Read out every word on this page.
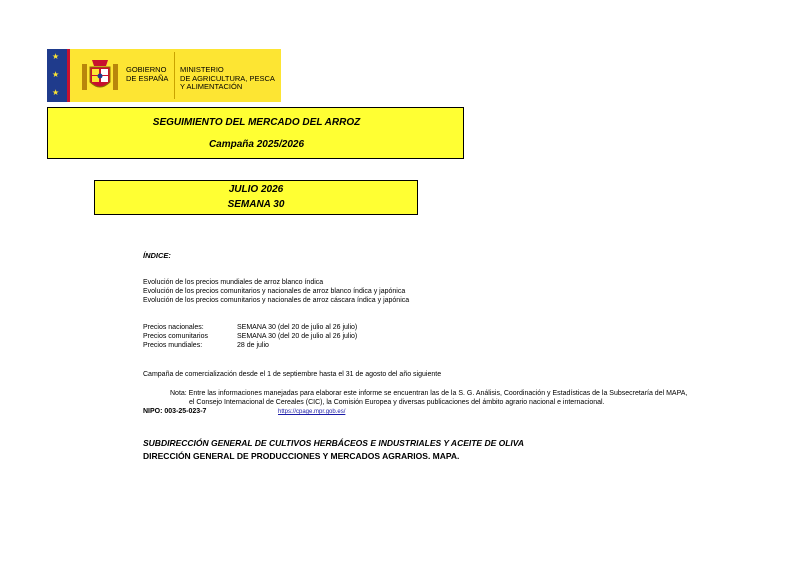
★
★
★
GOBIERNO
DE ESPAÑA
MINISTERIO
DE AGRICULTURA, PESCA
Y ALIMENTACIÓN
SEGUIMIENTO DEL MERCADO DEL ARROZ
Campaña 2025/2026
JULIO 2026
SEMANA 30
ÍNDICE:
Evolución de los precios mundiales de arroz blanco índica
Evolución de los precios comunitarios y nacionales de arroz blanco índica y japónica
Evolución de los precios comunitarios y nacionales de arroz cáscara índica y japónica
Precios nacionales:	SEMANA 30 (del 20 de julio al 26 julio)
Precios comunitarios	SEMANA 30 (del 20 de julio al 26 julio)
Precios mundiales:	28 de julio
Campaña de comercialización desde el 1 de septiembre hasta el 31 de agosto del año siguiente
Nota: Entre las informaciones manejadas para elaborar este informe se encuentran las de la S. G. Análisis, Coordinación y Estadísticas de la Subsecretaría del MAPA,
el Consejo Internacional de Cereales (CIC), la Comisión Europea y diversas publicaciones del ámbito agrario nacional e internacional.
NIPO: 003-25-023-7	https://cpage.mpr.gob.es/
SUBDIRECCIÓN GENERAL DE CULTIVOS HERBÁCEOS E INDUSTRIALES Y ACEITE DE OLIVA
DIRECCIÓN GENERAL DE PRODUCCIONES Y MERCADOS AGRARIOS. MAPA.
